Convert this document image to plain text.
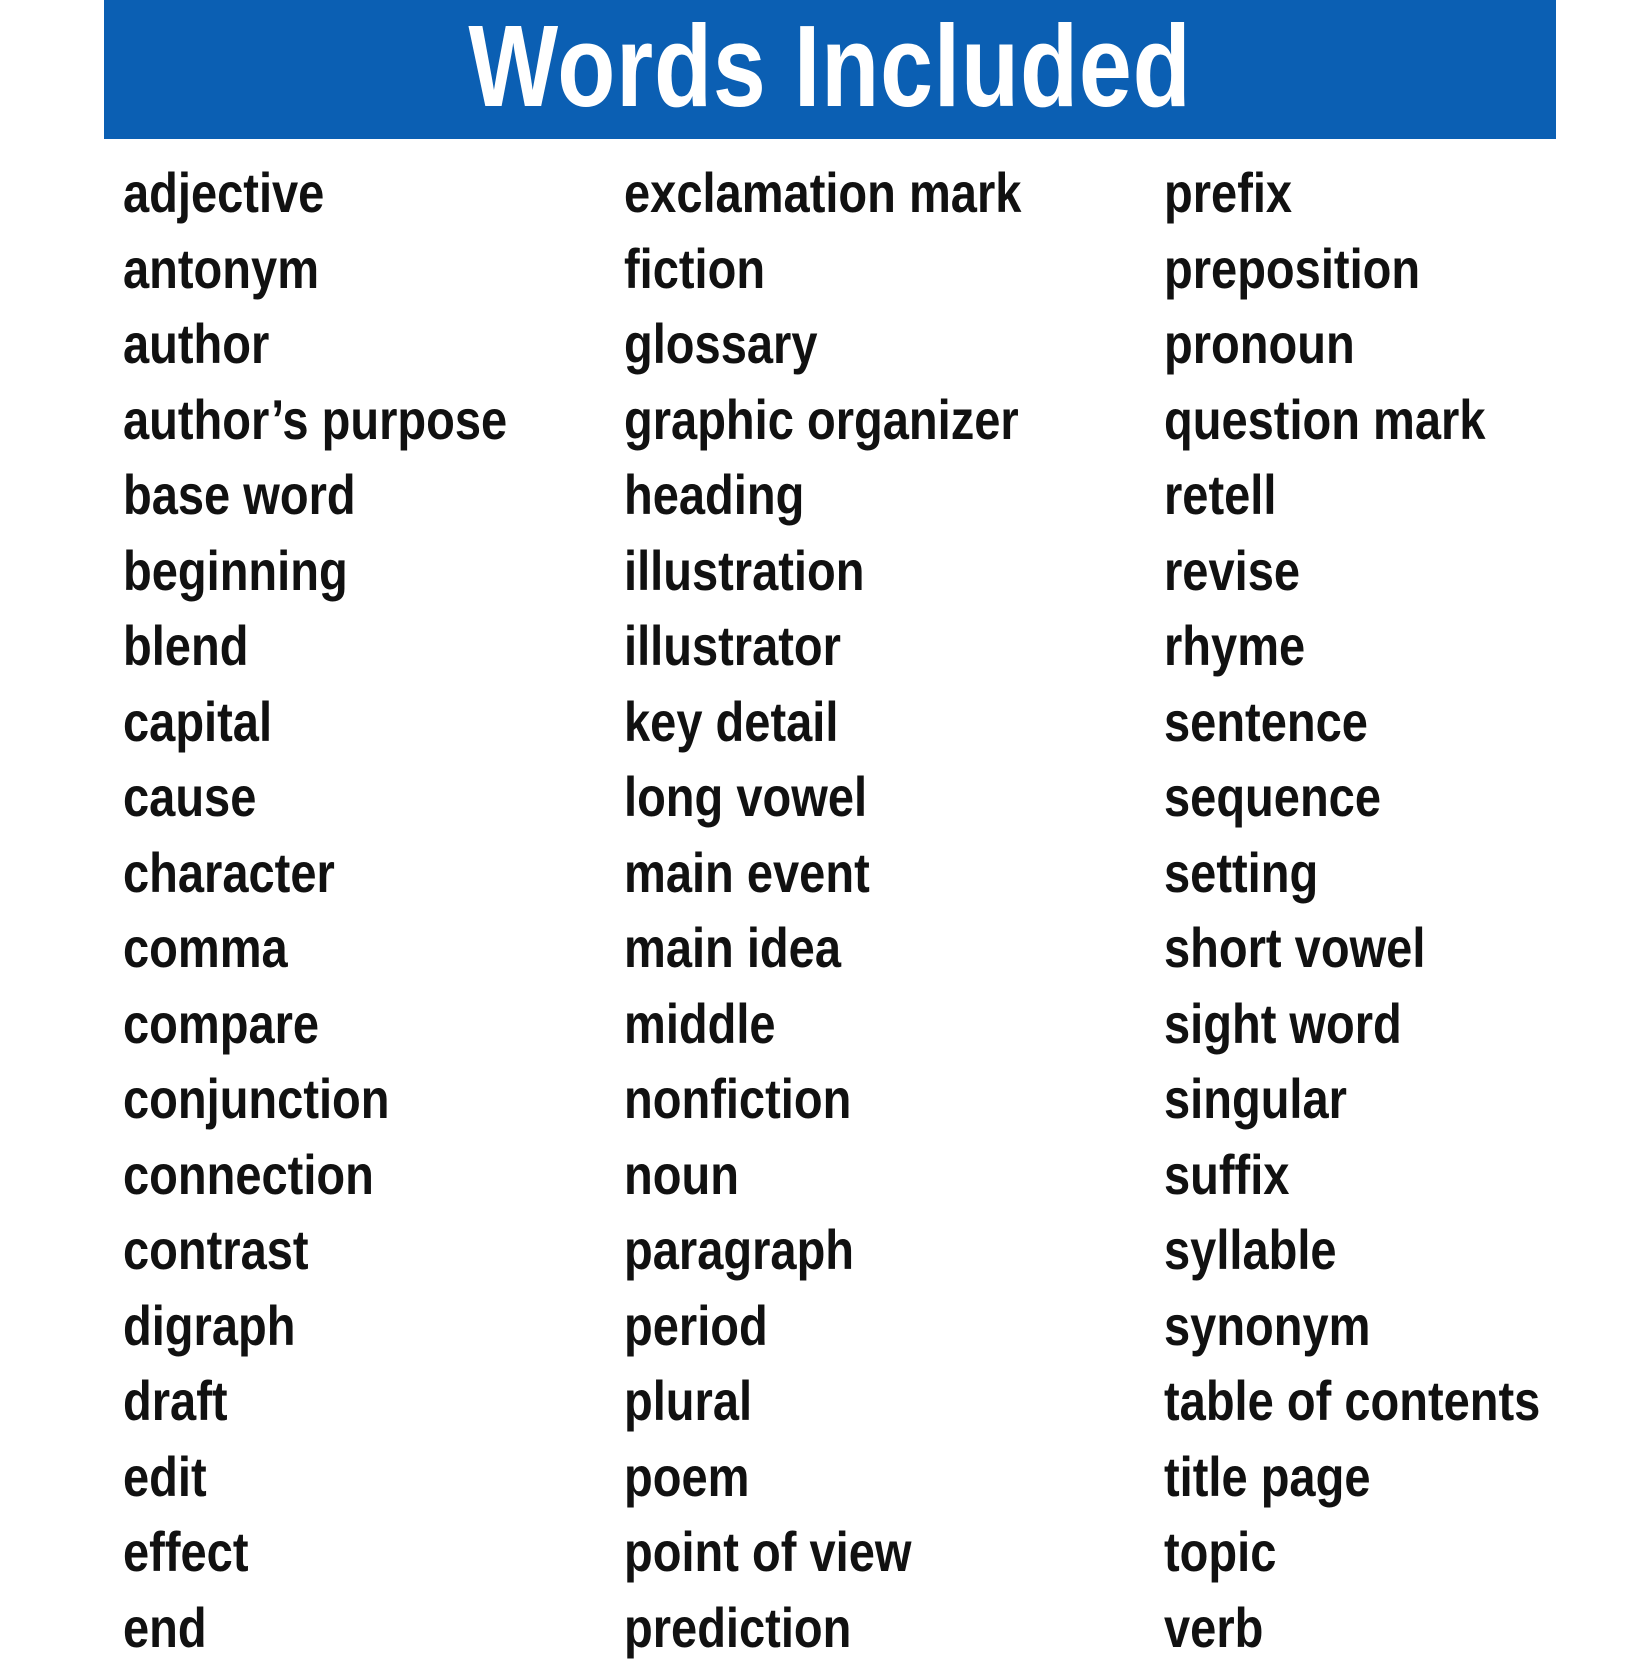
Words Included
adjective
antonym
author
author’s purpose
base word
beginning
blend
capital
cause
character
comma
compare
conjunction
connection
contrast
digraph
draft
edit
effect
end
exclamation mark
fiction
glossary
graphic organizer
heading
illustration
illustrator
key detail
long vowel
main event
main idea
middle
nonfiction
noun
paragraph
period
plural
poem
point of view
prediction
prefix
preposition
pronoun
question mark
retell
revise
rhyme
sentence
sequence
setting
short vowel
sight word
singular
suffix
syllable
synonym
table of contents
title page
topic
verb
